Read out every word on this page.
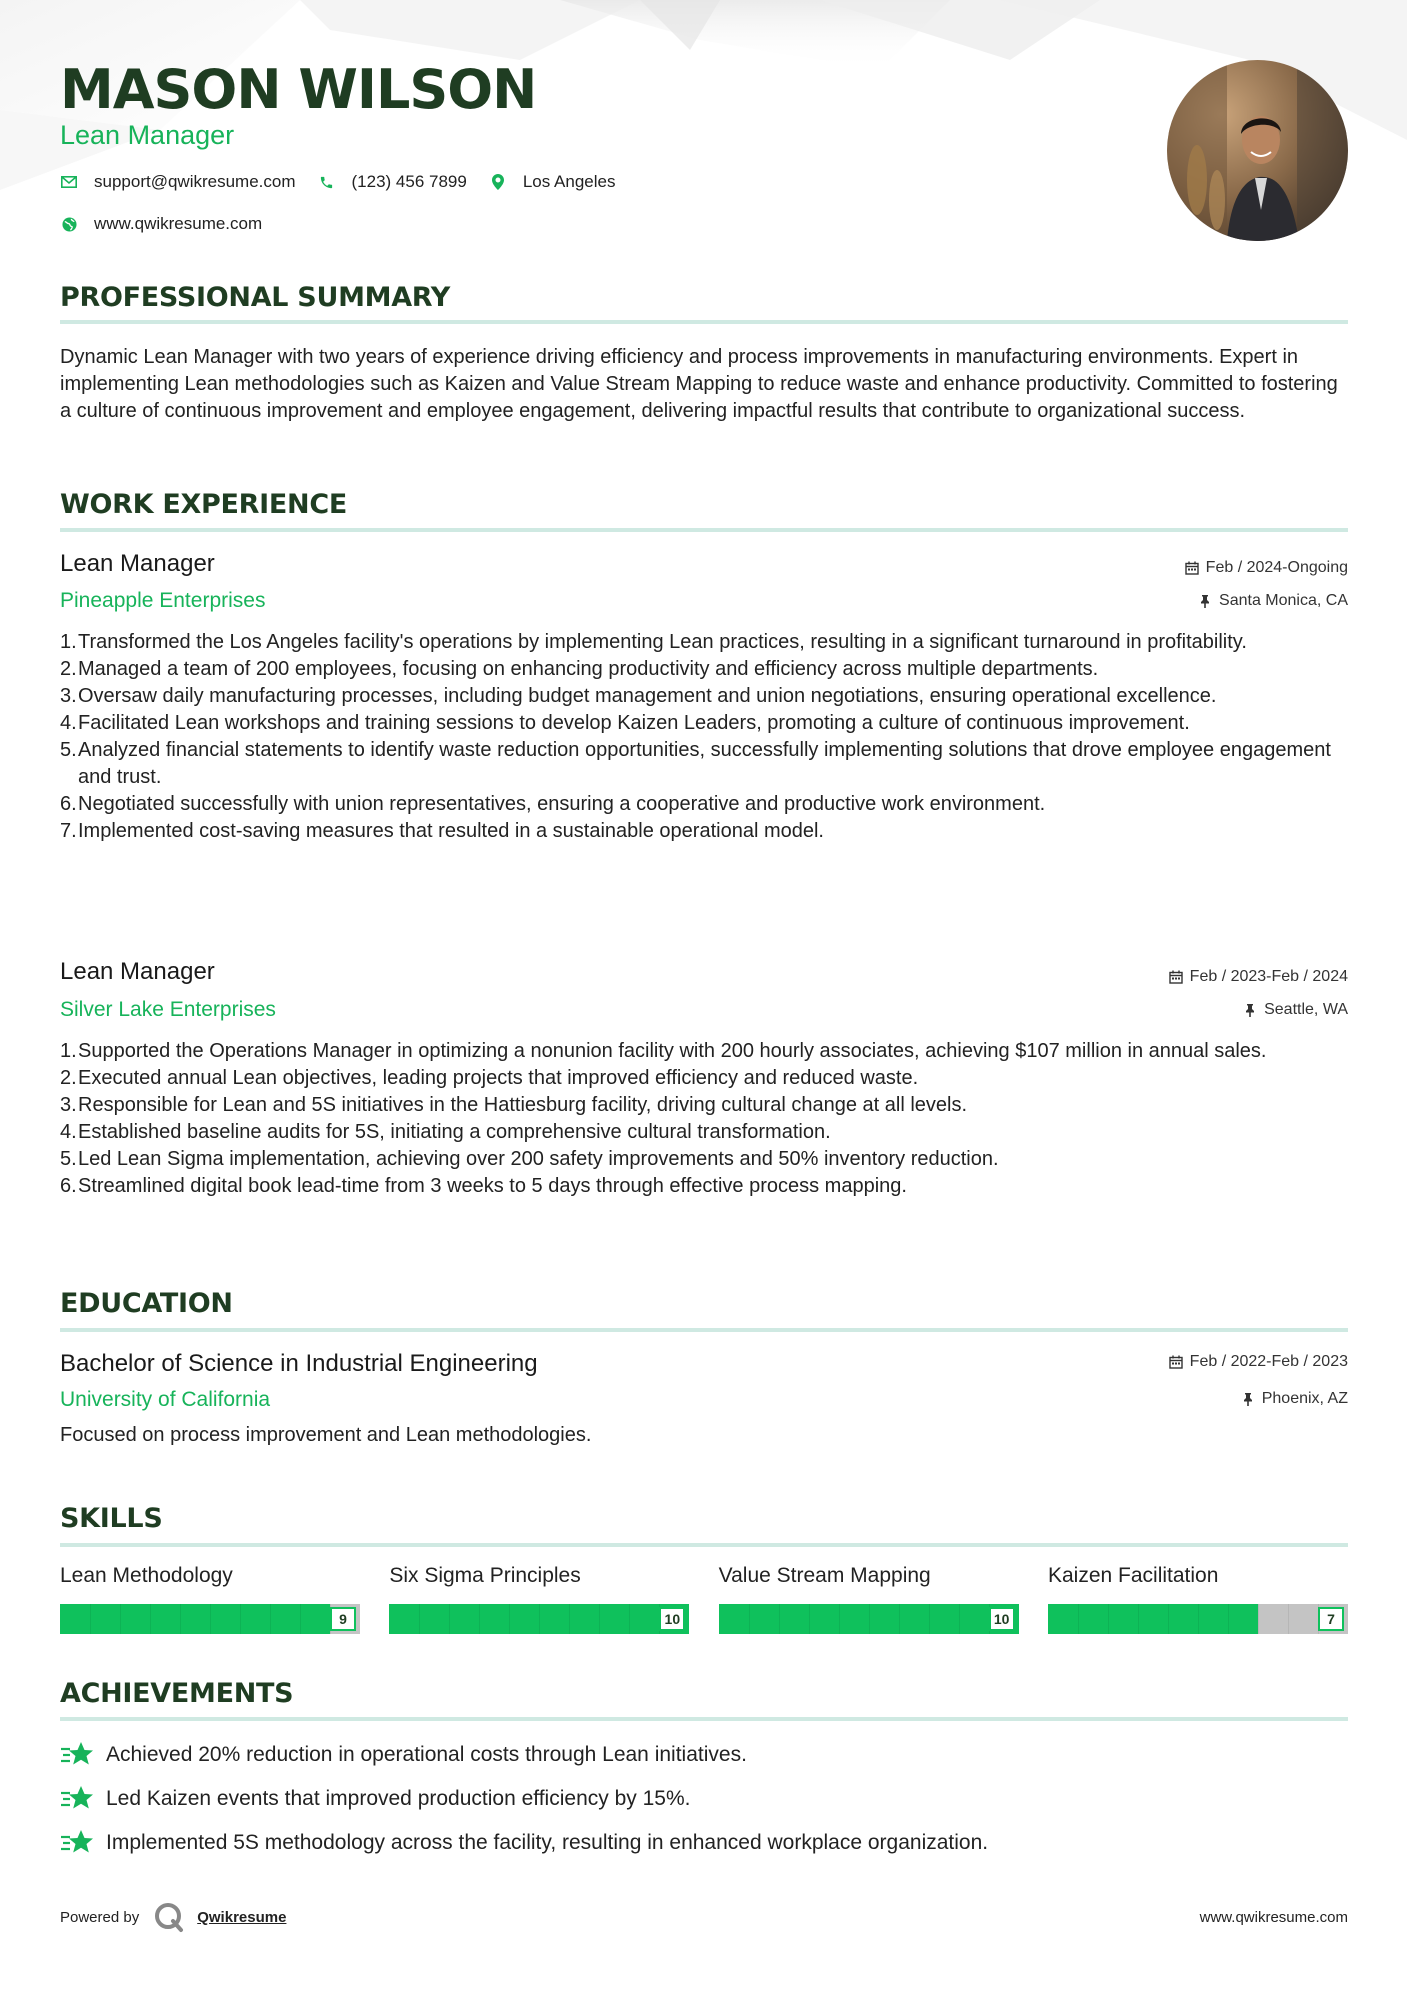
MASON WILSON
Lean Manager
support@qwikresume.com	(123) 456 7899	Los Angeles
www.qwikresume.com
PROFESSIONAL SUMMARY
Dynamic Lean Manager with two years of experience driving efficiency and process improvements in manufacturing environments. Expert in implementing Lean methodologies such as Kaizen and Value Stream Mapping to reduce waste and enhance productivity. Committed to fostering a culture of continuous improvement and employee engagement, delivering impactful results that contribute to organizational success.
WORK EXPERIENCE
Lean Manager	Feb / 2024-Ongoing
Pineapple Enterprises	Santa Monica, CA
1. Transformed the Los Angeles facility's operations by implementing Lean practices, resulting in a significant turnaround in profitability.
2. Managed a team of 200 employees, focusing on enhancing productivity and efficiency across multiple departments.
3. Oversaw daily manufacturing processes, including budget management and union negotiations, ensuring operational excellence.
4. Facilitated Lean workshops and training sessions to develop Kaizen Leaders, promoting a culture of continuous improvement.
5. Analyzed financial statements to identify waste reduction opportunities, successfully implementing solutions that drove employee engagement and trust.
6. Negotiated successfully with union representatives, ensuring a cooperative and productive work environment.
7. Implemented cost-saving measures that resulted in a sustainable operational model.
Lean Manager	Feb / 2023-Feb / 2024
Silver Lake Enterprises	Seattle, WA
1. Supported the Operations Manager in optimizing a nonunion facility with 200 hourly associates, achieving $107 million in annual sales.
2. Executed annual Lean objectives, leading projects that improved efficiency and reduced waste.
3. Responsible for Lean and 5S initiatives in the Hattiesburg facility, driving cultural change at all levels.
4. Established baseline audits for 5S, initiating a comprehensive cultural transformation.
5. Led Lean Sigma implementation, achieving over 200 safety improvements and 50% inventory reduction.
6. Streamlined digital book lead-time from 3 weeks to 5 days through effective process mapping.
EDUCATION
Bachelor of Science in Industrial Engineering	Feb / 2022-Feb / 2023
University of California	Phoenix, AZ
Focused on process improvement and Lean methodologies.
SKILLS
Lean Methodology
9
Six Sigma Principles
10
Value Stream Mapping
10
Kaizen Facilitation
7
ACHIEVEMENTS
Achieved 20% reduction in operational costs through Lean initiatives.
Led Kaizen events that improved production efficiency by 15%.
Implemented 5S methodology across the facility, resulting in enhanced workplace organization.
Powered by	Qwikresume	www.qwikresume.com
